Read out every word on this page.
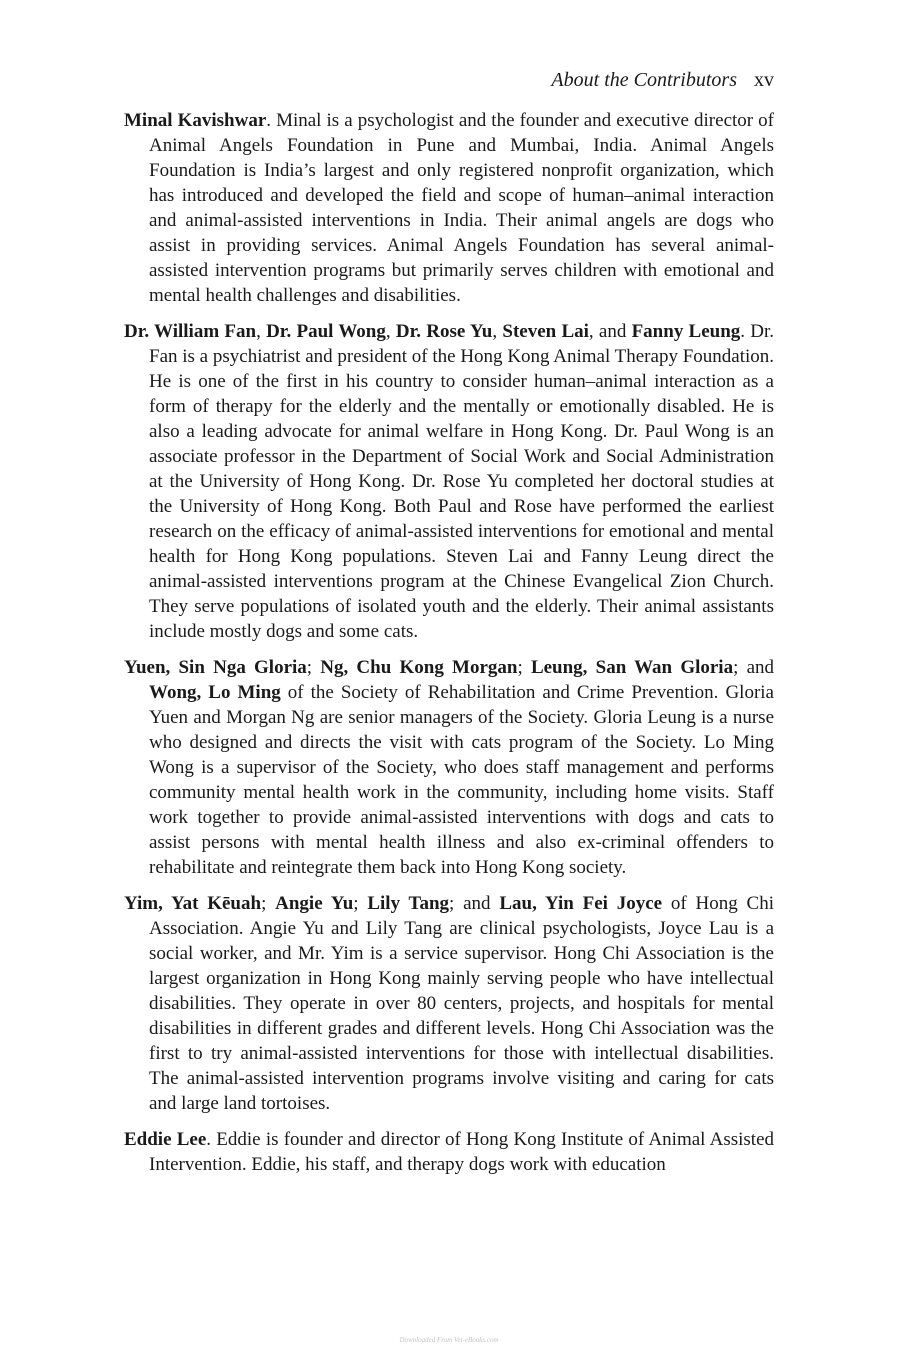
About the Contributors xv

Minal Kavishwar. Minal is a psychologist and the founder and executive director of Animal Angels Foundation in Pune and Mumbai, India. Animal Angels Foundation is India’s largest and only registered nonprofit organization, which has introduced and developed the field and scope of human–animal interaction and animal-assisted interventions in India. Their animal angels are dogs who assist in providing services. Animal Angels Foundation has several animal-assisted intervention programs but primarily serves children with emotional and mental health challenges and disabilities.

Dr. William Fan, Dr. Paul Wong, Dr. Rose Yu, Steven Lai, and Fanny Leung. Dr. Fan is a psychiatrist and president of the Hong Kong Animal Therapy Foundation. He is one of the first in his country to consider human–animal interaction as a form of therapy for the elderly and the mentally or emotionally disabled. He is also a leading advocate for animal welfare in Hong Kong. Dr. Paul Wong is an associate professor in the Department of Social Work and Social Administration at the University of Hong Kong. Dr. Rose Yu completed her doctoral studies at the University of Hong Kong. Both Paul and Rose have performed the earliest research on the efficacy of animal-assisted interventions for emotional and mental health for Hong Kong populations. Steven Lai and Fanny Leung direct the animal-assisted interventions program at the Chinese Evangelical Zion Church. They serve populations of isolated youth and the elderly. Their animal assistants include mostly dogs and some cats.

Yuen, Sin Nga Gloria; Ng, Chu Kong Morgan; Leung, San Wan Gloria; and Wong, Lo Ming of the Society of Rehabilitation and Crime Prevention. Gloria Yuen and Morgan Ng are senior managers of the Society. Gloria Leung is a nurse who designed and directs the visit with cats program of the Society. Lo Ming Wong is a supervisor of the Society, who does staff management and performs community mental health work in the community, including home visits. Staff work together to provide animal-assisted interventions with dogs and cats to assist persons with mental health illness and also ex-criminal offenders to rehabilitate and reintegrate them back into Hong Kong society.

Yim, Yat Kēuah; Angie Yu; Lily Tang; and Lau, Yin Fei Joyce of Hong Chi Association. Angie Yu and Lily Tang are clinical psychologists, Joyce Lau is a social worker, and Mr. Yim is a service supervisor. Hong Chi Association is the largest organization in Hong Kong mainly serving people who have intellectual disabilities. They operate in over 80 centers, projects, and hospitals for mental disabilities in different grades and different levels. Hong Chi Association was the first to try animal-assisted interventions for those with intellectual disabilities. The animal-assisted intervention programs involve visiting and caring for cats and large land tortoises.

Eddie Lee. Eddie is founder and director of Hong Kong Institute of Animal Assisted Intervention. Eddie, his staff, and therapy dogs work with education

Downloaded From Vet-eBooks.com
